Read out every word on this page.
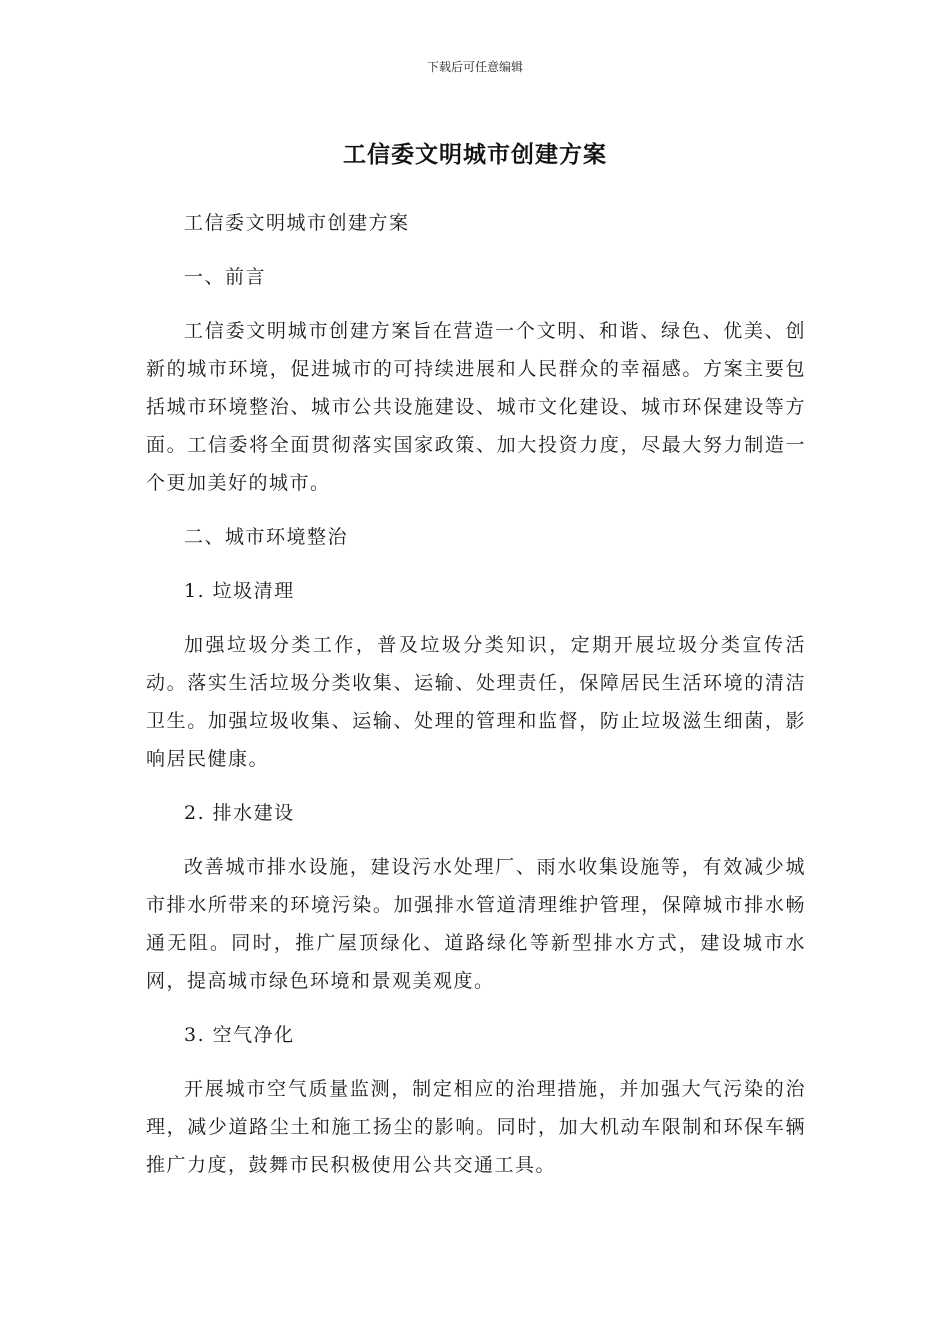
下载后可任意编辑
工信委文明城市创建方案
工信委文明城市创建方案
一、前言
工信委文明城市创建方案旨在营造一个文明、和谐、绿色、优美、创新的城市环境，促进城市的可持续进展和人民群众的幸福感。方案主要包括城市环境整治、城市公共设施建设、城市文化建设、城市环保建设等方面。工信委将全面贯彻落实国家政策、加大投资力度，尽最大努力制造一个更加美好的城市。
二、城市环境整治
1. 垃圾清理
加强垃圾分类工作，普及垃圾分类知识，定期开展垃圾分类宣传活动。落实生活垃圾分类收集、运输、处理责任，保障居民生活环境的清洁卫生。加强垃圾收集、运输、处理的管理和监督，防止垃圾滋生细菌，影响居民健康。
2. 排水建设
改善城市排水设施，建设污水处理厂、雨水收集设施等，有效减少城市排水所带来的环境污染。加强排水管道清理维护管理，保障城市排水畅通无阻。同时，推广屋顶绿化、道路绿化等新型排水方式，建设城市水网，提高城市绿色环境和景观美观度。
3. 空气净化
开展城市空气质量监测，制定相应的治理措施，并加强大气污染的治理，减少道路尘土和施工扬尘的影响。同时，加大机动车限制和环保车辆推广力度，鼓舞市民积极使用公共交通工具。
